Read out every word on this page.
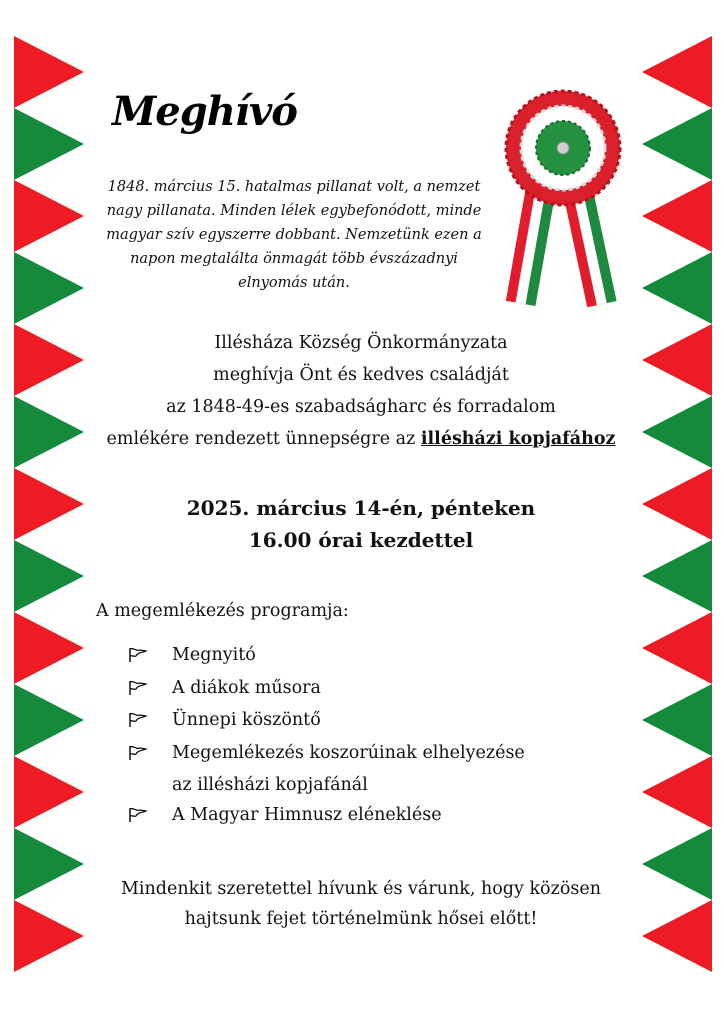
Meghívó
1848. március 15. hatalmas pillanat volt, a nemzet
nagy pillanata. Minden lélek egybefonódott, minde
magyar szív egyszerre dobbant. Nemzetünk ezen a
napon megtalálta önmagát több évszázadnyi
elnyomás után.
Illésháza Község Önkormányzata
meghívja Önt és kedves családját
az 1848-49-es szabadságharc és forradalom
emlékére rendezett ünnepségre az illésházi kopjafához
2025. március 14-én, pénteken
16.00 órai kezdettel

A megemlékezés programja:

Megnyitó
A diákok műsora
Ünnepi köszöntő
Megemlékezés koszorúinak elhelyezése
az illésházi kopjafánál
A Magyar Himnusz eléneklése
Mindenkit szeretettel hívunk és várunk, hogy közösen
hajtsunk fejet történelmünk hősei előtt!
